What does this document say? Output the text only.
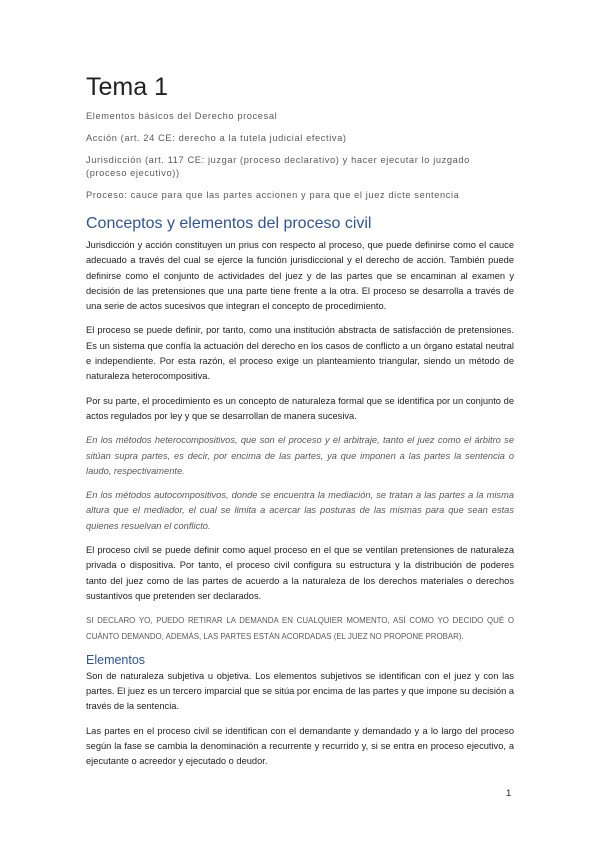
Tema 1

Elementos básicos del Derecho procesal

Acción (art. 24 CE: derecho a la tutela judicial efectiva)

Jurisdicción (art. 117 CE: juzgar (proceso declarativo) y hacer ejecutar lo juzgado (proceso ejecutivo))

Proceso: cauce para que las partes accionen y para que el juez dicte sentencia

Conceptos y elementos del proceso civil

Jurisdicción y acción constituyen un prius con respecto al proceso, que puede definirse como el cauce adecuado a través del cual se ejerce la función jurisdiccional y el derecho de acción. También puede definirse como el conjunto de actividades del juez y de las partes que se encaminan al examen y decisión de las pretensiones que una parte tiene frente a la otra. El proceso se desarrolla a través de una serie de actos sucesivos que integran el concepto de procedimiento.

El proceso se puede definir, por tanto, como una institución abstracta de satisfacción de pretensiones. Es un sistema que confía la actuación del derecho en los casos de conflicto a un órgano estatal neutral e independiente. Por esta razón, el proceso exige un planteamiento triangular, siendo un método de naturaleza heterocompositiva.

Por su parte, el procedimiento es un concepto de naturaleza formal que se identifica por un conjunto de actos regulados por ley y que se desarrollan de manera sucesiva.

En los métodos heterocompositivos, que son el proceso y el arbitraje, tanto el juez como el árbitro se sitúan supra partes, es decir, por encima de las partes, ya que imponen a las partes la sentencia o laudo, respectivamente.

En los métodos autocompositivos, donde se encuentra la mediación, se tratan a las partes a la misma altura que el mediador, el cual se limita a acercar las posturas de las mismas para que sean estas quienes resuelvan el conflicto.

El proceso civil se puede definir como aquel proceso en el que se ventilan pretensiones de naturaleza privada o dispositiva. Por tanto, el proceso civil configura su estructura y la distribución de poderes tanto del juez como de las partes de acuerdo a la naturaleza de los derechos materiales o derechos sustantivos que pretenden ser declarados.

SI DECLARO YO, PUEDO RETIRAR LA DEMANDA EN CUALQUIER MOMENTO, ASÍ COMO YO DECIDO QUÉ O CUÁNTO DEMANDO, ADEMÁS, LAS PARTES ESTÁN ACORDADAS (EL JUEZ NO PROPONE PROBAR).

Elementos

Son de naturaleza subjetiva u objetiva. Los elementos subjetivos se identifican con el juez y con las partes. El juez es un tercero imparcial que se sitúa por encima de las partes y que impone su decisión a través de la sentencia.

Las partes en el proceso civil se identifican con el demandante y demandado y a lo largo del proceso según la fase se cambia la denominación a recurrente y recurrido y, si se entra en proceso ejecutivo, a ejecutante o acreedor y ejecutado o deudor.

1
